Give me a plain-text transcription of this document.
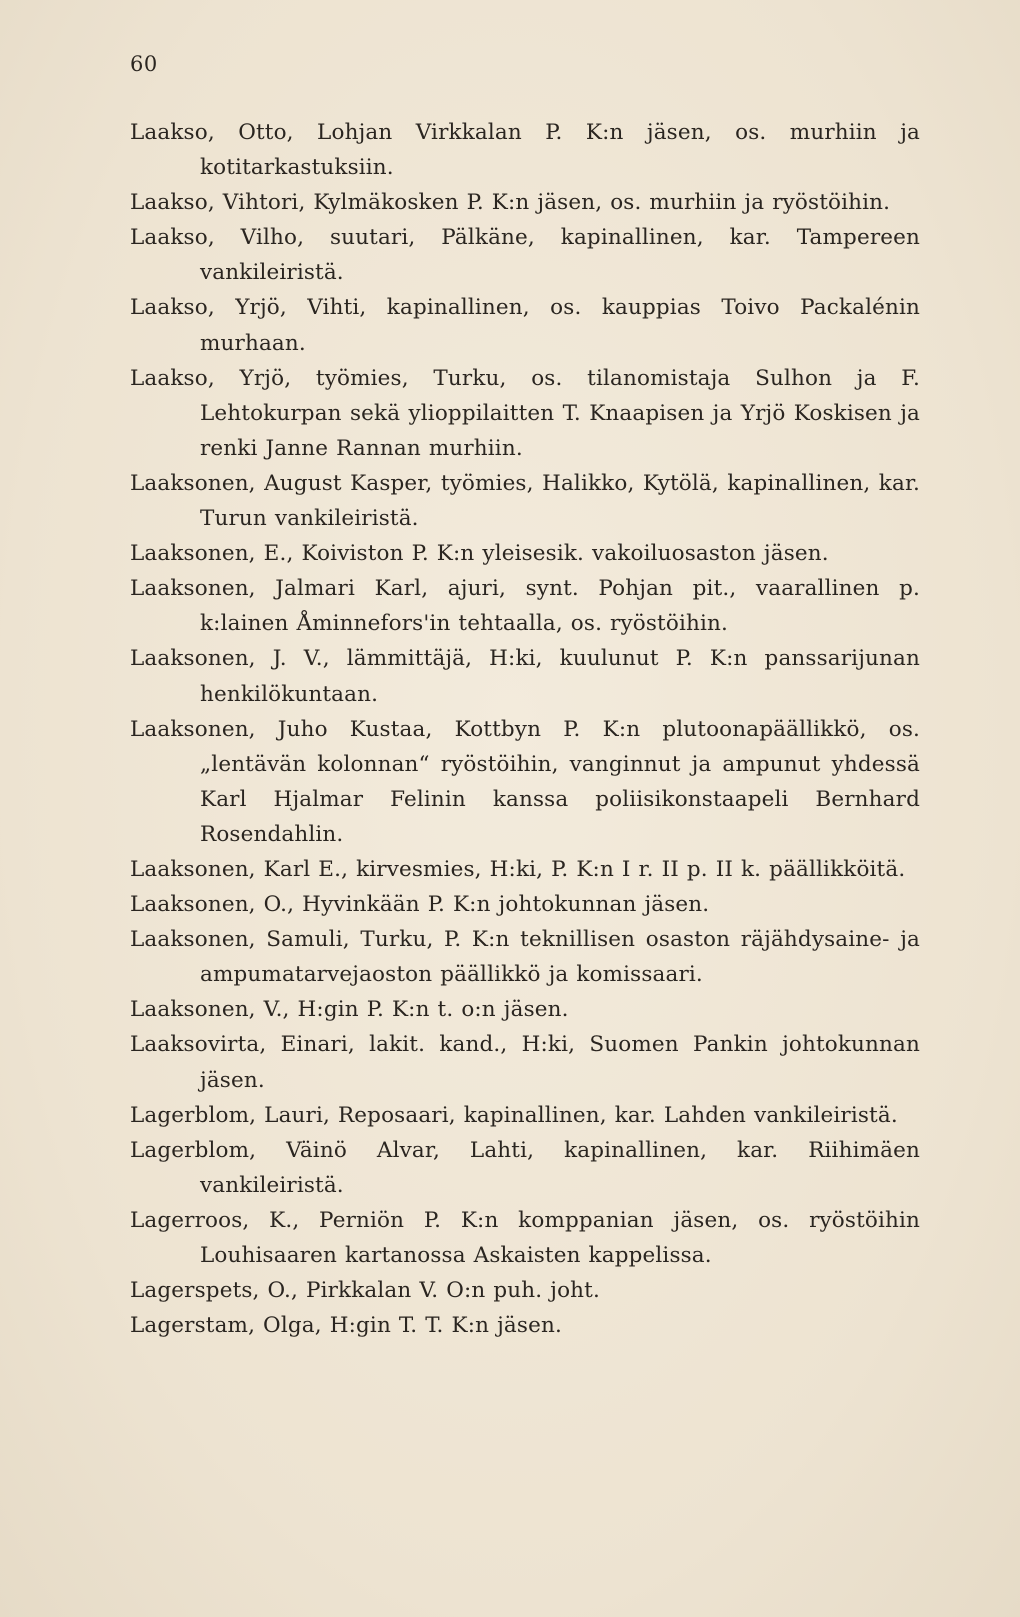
60

Laakso, Otto, Lohjan Virkkalan P. K:n jäsen, os. murhiin ja kotitarkastuksiin.

Laakso, Vihtori, Kylmäkosken P. K:n jäsen, os. murhiin ja ryöstöihin.

Laakso, Vilho, suutari, Pälkäne, kapinallinen, kar. Tampereen vankileiristä.

Laakso, Yrjö, Vihti, kapinallinen, os. kauppias Toivo Packalénin murhaan.

Laakso, Yrjö, työmies, Turku, os. tilanomistaja Sulhon ja F. Lehtokurpan sekä ylioppilaitten T. Knaapisen ja Yrjö Koskisen ja renki Janne Rannan murhiin.

Laaksonen, August Kasper, työmies, Halikko, Kytölä, kapinallinen, kar. Turun vankileiristä.

Laaksonen, E., Koiviston P. K:n yleisesik. vakoiluosaston jäsen.

Laaksonen, Jalmari Karl, ajuri, synt. Pohjan pit., vaarallinen p. k:lainen Åminnefors'in tehtaalla, os. ryöstöihin.

Laaksonen, J. V., lämmittäjä, H:ki, kuulunut P. K:n panssarijunan henkilökuntaan.

Laaksonen, Juho Kustaa, Kottbyn P. K:n plutoonapäällikkö, os. „lentävän kolonnan“ ryöstöihin, vanginnut ja ampunut yhdessä Karl Hjalmar Felinin kanssa poliisikonstaapeli Bernhard Rosendahlin.

Laaksonen, Karl E., kirvesmies, H:ki, P. K:n I r. II p. II k. päällikköitä.

Laaksonen, O., Hyvinkään P. K:n johtokunnan jäsen.

Laaksonen, Samuli, Turku, P. K:n teknillisen osaston räjähdysaine- ja ampumatarvejaoston päällikkö ja komissaari.

Laaksonen, V., H:gin P. K:n t. o:n jäsen.

Laaksovirta, Einari, lakit. kand., H:ki, Suomen Pankin johtokunnan jäsen.

Lagerblom, Lauri, Reposaari, kapinallinen, kar. Lahden vankileiristä.

Lagerblom, Väinö Alvar, Lahti, kapinallinen, kar. Riihimäen vankileiristä.

Lagerroos, K., Perniön P. K:n komppanian jäsen, os. ryöstöihin Louhisaaren kartanossa Askaisten kappelissa.

Lagerspets, O., Pirkkalan V. O:n puh. joht.

Lagerstam, Olga, H:gin T. T. K:n jäsen.
